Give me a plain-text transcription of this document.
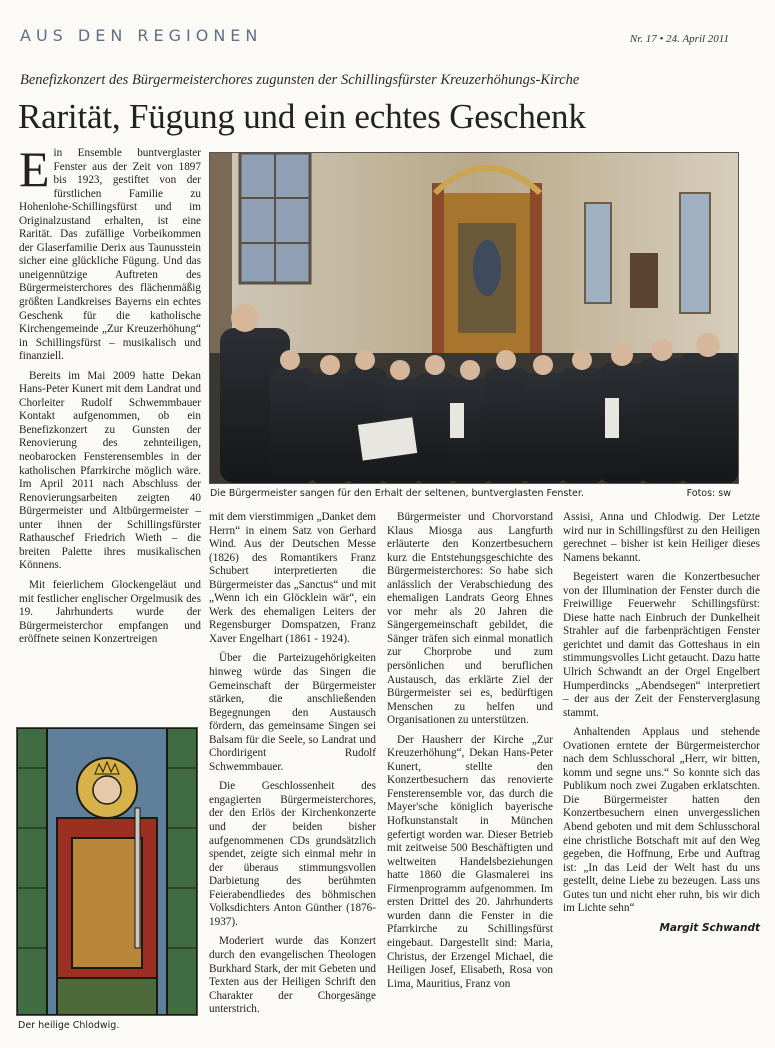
AUS DEN REGIONEN	Nr. 17 • 24. April 2011
Benefizkonzert des Bürgermeisterchores zugunsten der Schillingsfürster Kreuzerhöhungs-Kirche
Rarität, Fügung und ein echtes Geschenk

Ein Ensemble buntverglaster Fenster aus der Zeit von 1897 bis 1923, gestiftet von der fürstlichen Familie zu Hohenlohe-Schillingsfürst und im Originalzustand erhalten, ist eine Rarität. Das zufällige Vorbeikommen der Glaserfamilie Derix aus Taunusstein sicher eine glückliche Fügung. Und das uneigennützige Auftreten des Bürgermeisterchores des flächenmäßig größten Landkreises Bayerns ein echtes Geschenk für die katholische Kirchengemeinde „Zur Kreuzerhöhung“ in Schillingsfürst – musikalisch und finanziell.

Bereits im Mai 2009 hatte Dekan Hans-Peter Kunert mit dem Landrat und Chorleiter Rudolf Schwemmbauer Kontakt aufgenommen, ob ein Benefizkonzert zu Gunsten der Renovierung des zehnteiligen, neobarocken Fensterensembles in der katholischen Pfarrkirche möglich wäre. Im April 2011 nach Abschluss der Renovierungsarbeiten zeigten 40 Bürgermeister und Altbürgermeister – unter ihnen der Schillingsfürster Rathauschef Friedrich Wieth – die breiten Palette ihres musikalischen Könnens.

Mit feierlichem Glockengeläut und mit festlicher englischer Orgelmusik des 19. Jahrhunderts wurde der Bürgermeisterchor empfangen und eröffnete seinen Konzertreigen

Die Bürgermeister sangen für den Erhalt der seltenen, buntverglasten Fenster.	Fotos: sw
Der heilige Chlodwig.

mit dem vierstimmigen „Danket dem Herrn“ in einem Satz von Gerhard Wind. Aus der Deutschen Messe (1826) des Romantikers Franz Schubert interpretierten die Bürgermeister das „Sanctus“ und mit „Wenn ich ein Glöcklein wär“, ein Werk des ehemaligen Leiters der Regensburger Domspatzen, Franz Xaver Engelhart (1861 - 1924).

Über die Parteizugehörigkeiten hinweg würde das Singen die Gemeinschaft der Bürgermeister stärken, die anschließenden Begegnungen den Austausch fördern, das gemeinsame Singen sei Balsam für die Seele, so Landrat und Chordirigent Rudolf Schwemmbauer.

Die Geschlossenheit des engagierten Bürgermeisterchores, der den Erlös der Kirchenkonzerte und der beiden bisher aufgenommenen CDs grundsätzlich spendet, zeigte sich einmal mehr in der überaus stimmungsvollen Darbietung des berühmten Feierabendliedes des böhmischen Volksdichters Anton Günther (1876-1937).

Moderiert wurde das Konzert durch den evangelischen Theologen Burkhard Stark, der mit Gebeten und Texten aus der Heiligen Schrift den Charakter der Chorgesänge unterstrich.

Bürgermeister und Chorvorstand Klaus Miosga aus Langfurth erläuterte den Konzertbesuchern kurz die Entstehungsgeschichte des Bürgermeisterchores: So habe sich anlässlich der Verabschiedung des ehemaligen Landrats Georg Ehnes vor mehr als 20 Jahren die Sängergemeinschaft gebildet, die Sänger träfen sich einmal monatlich zur Chorprobe und zum persönlichen und beruflichen Austausch, das erklärte Ziel der Bürgermeister sei es, bedürftigen Menschen zu helfen und Organisationen zu unterstützen.

Der Hausherr der Kirche „Zur Kreuzerhöhung“, Dekan Hans-Peter Kunert, stellte den Konzertbesuchern das renovierte Fensterensemble vor, das durch die Mayer'sche königlich bayerische Hofkunstanstalt in München gefertigt worden war. Dieser Betrieb mit zeitweise 500 Beschäftigten und weltweiten Handelsbeziehungen hatte 1860 die Glasmalerei ins Firmenprogramm aufgenommen. Im ersten Drittel des 20. Jahrhunderts wurden dann die Fenster in die Pfarrkirche zu Schillingsfürst eingebaut. Dargestellt sind: Maria, Christus, der Erzengel Michael, die Heiligen Josef, Elisabeth, Rosa von Lima, Mauritius, Franz von

Assisi, Anna und Chlodwig. Der Letzte wird nur in Schillingsfürst zu den Heiligen gerechnet – bisher ist kein Heiliger dieses Namens bekannt.

Begeistert waren die Konzertbesucher von der Illumination der Fenster durch die Freiwillige Feuerwehr Schillingsfürst: Diese hatte nach Einbruch der Dunkelheit Strahler auf die farbenprächtigen Fenster gerichtet und damit das Gotteshaus in ein stimmungsvolles Licht getaucht. Dazu hatte Ulrich Schwandt an der Orgel Engelbert Humperdincks „Abendsegen“ interpretiert – der aus der Zeit der Fensterverglasung stammt.

Anhaltenden Applaus und stehende Ovationen erntete der Bürgermeisterchor nach dem Schlusschoral „Herr, wir bitten, komm und segne uns.“ So konnte sich das Publikum noch zwei Zugaben erklatschten. Die Bürgermeister hatten den Konzertbesuchern einen unvergesslichen Abend geboten und mit dem Schlusschoral eine christliche Botschaft mit auf den Weg gegeben, die Hoffnung, Erbe und Auftrag ist: „In das Leid der Welt hast du uns gestellt, deine Liebe zu bezeugen. Lass uns Gutes tun und nicht eher ruhn, bis wir dich im Lichte sehn“

Margit Schwandt
